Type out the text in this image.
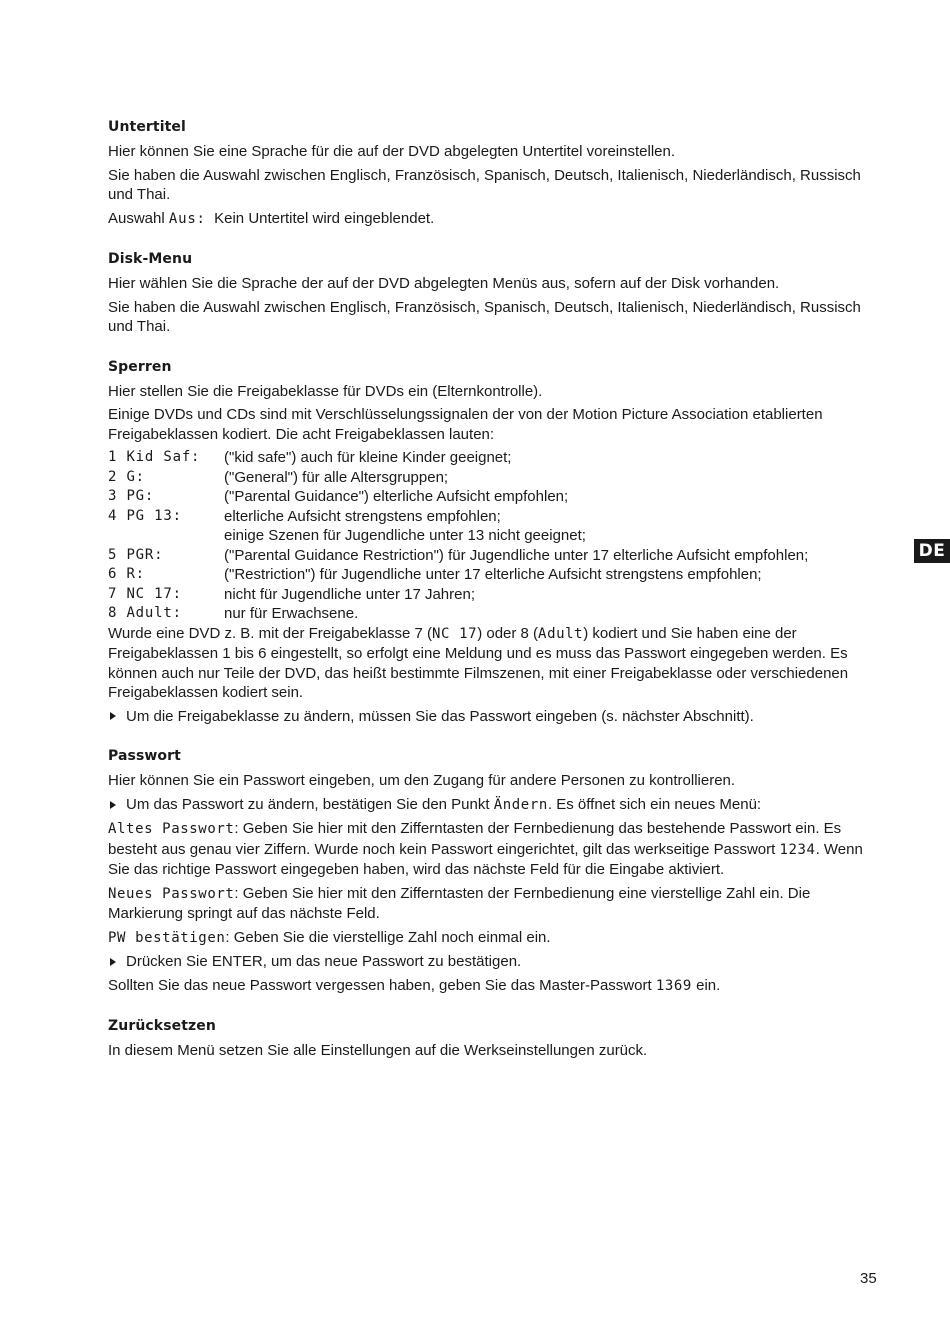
Untertitel

Hier können Sie eine Sprache für die auf der DVD abgelegten Untertitel voreinstellen.

Sie haben die Auswahl zwischen Englisch, Französisch, Spanisch, Deutsch, Italienisch, Niederländisch, Russisch und Thai.

Auswahl Aus:  Kein Untertitel wird eingeblendet.

Disk-Menu

Hier wählen Sie die Sprache der auf der DVD abgelegten Menüs aus, sofern auf der Disk vorhanden.

Sie haben die Auswahl zwischen Englisch, Französisch, Spanisch, Deutsch, Italienisch, Niederländisch, Russisch und Thai.

Sperren

Hier stellen Sie die Freigabeklasse für DVDs ein (Elternkontrolle).

Einige DVDs und CDs sind mit Verschlüsselungssignalen der von der Motion Picture Association etablierten Freigabeklassen kodiert. Die acht Freigabeklassen lauten:

1 Kid Saf:	("kid safe") auch für kleine Kinder geeignet;
2 G:	("General") für alle Altersgruppen;
3 PG:	("Parental Guidance") elterliche Aufsicht empfohlen;
4 PG 13:	elterliche Aufsicht strengstens empfohlen;
einige Szenen für Jugendliche unter 13 nicht geeignet;
5 PGR:	("Parental Guidance Restriction") für Jugendliche unter 17 elterliche Aufsicht empfohlen;
6 R:	("Restriction") für Jugendliche unter 17 elterliche Aufsicht strengstens empfohlen;
7 NC 17:	nicht für Jugendliche unter 17 Jahren;
8 Adult:	nur für Erwachsene.

Wurde eine DVD z. B. mit der Freigabeklasse 7 (NC 17) oder 8 (Adult) kodiert und Sie haben eine der Freigabeklassen 1 bis 6 eingestellt, so erfolgt eine Meldung und es muss das Passwort eingegeben werden. Es können auch nur Teile der DVD, das heißt bestimmte Filmszenen, mit einer Freigabeklasse oder verschiedenen Freigabeklassen kodiert sein.

Um die Freigabeklasse zu ändern, müssen Sie das Passwort eingeben (s. nächster Abschnitt).
Passwort

Hier können Sie ein Passwort eingeben, um den Zugang für andere Personen zu kontrollieren.

Um das Passwort zu ändern, bestätigen Sie den Punkt Ändern. Es öffnet sich ein neues Menü:

Altes Passwort: Geben Sie hier mit den Zifferntasten der Fernbedienung das bestehende Passwort ein. Es besteht aus genau vier Ziffern. Wurde noch kein Passwort eingerichtet, gilt das werkseitige Passwort 1234. Wenn Sie das richtige Passwort eingegeben haben, wird das nächste Feld für die Eingabe aktiviert.

Neues Passwort: Geben Sie hier mit den Zifferntasten der Fernbedienung eine vierstellige Zahl ein. Die Markierung springt auf das nächste Feld.

PW bestätigen: Geben Sie die vierstellige Zahl noch einmal ein.

Drücken Sie ENTER, um das neue Passwort zu bestätigen.

Sollten Sie das neue Passwort vergessen haben, geben Sie das Master-Passwort 1369 ein.

Zurücksetzen

In diesem Menü setzen Sie alle Einstellungen auf die Werkseinstellungen zurück.

DE
35
